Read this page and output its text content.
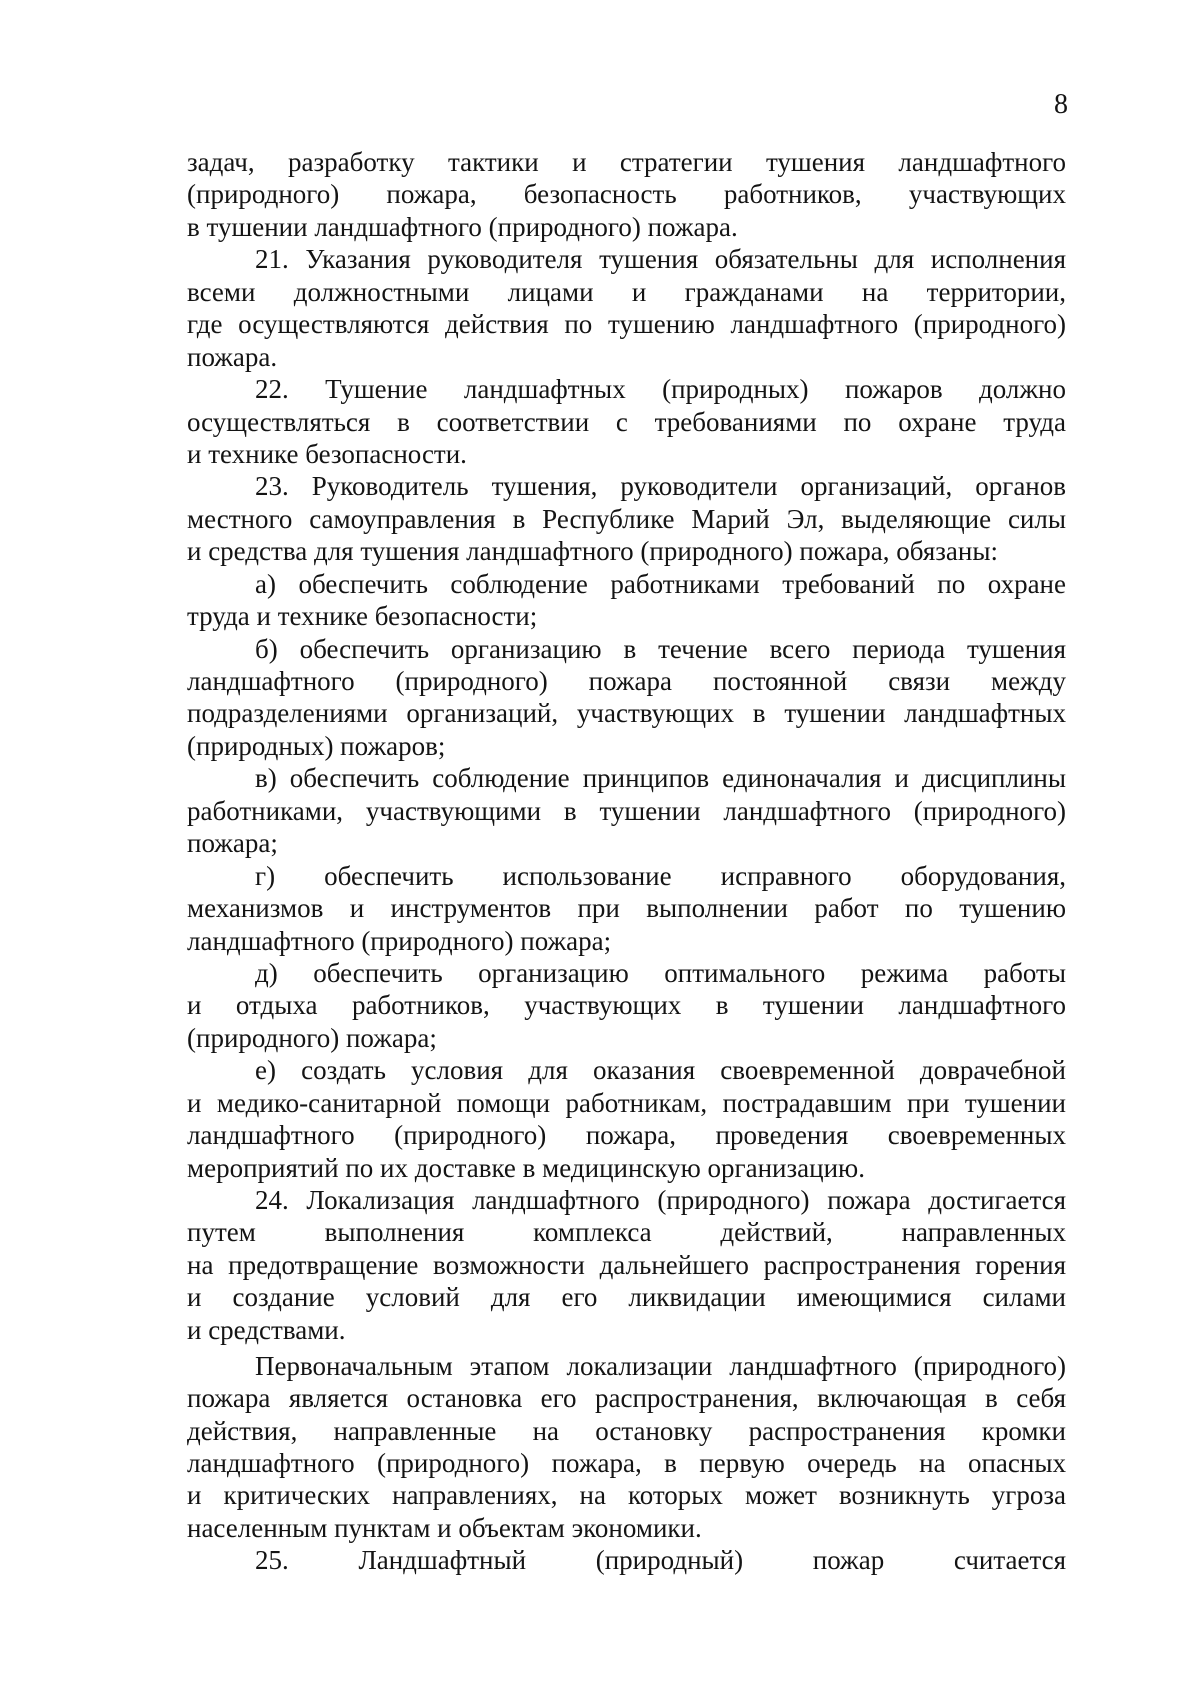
8
задач, разработку тактики и стратегии тушения ландшафтного
(природного) пожара, безопасность работников, участвующих
в тушении ландшафтного (природного) пожара.
21. Указания руководителя тушения обязательны для исполнения
всеми должностными лицами и гражданами на территории,
где осуществляются действия по тушению ландшафтного (природного)
пожара.
22. Тушение ландшафтных (природных) пожаров должно
осуществляться в соответствии с требованиями по охране труда
и технике безопасности.
23. Руководитель тушения, руководители организаций, органов
местного самоуправления в Республике Марий Эл, выделяющие силы
и средства для тушения ландшафтного (природного) пожара, обязаны:
а) обеспечить соблюдение работниками требований по охране
труда и технике безопасности;
б) обеспечить организацию в течение всего периода тушения
ландшафтного (природного) пожара постоянной связи между
подразделениями организаций, участвующих в тушении ландшафтных
(природных) пожаров;
в) обеспечить соблюдение принципов единоначалия и дисциплины
работниками, участвующими в тушении ландшафтного (природного)
пожара;
г) обеспечить использование исправного оборудования,
механизмов и инструментов при выполнении работ по тушению
ландшафтного (природного) пожара;
д) обеспечить организацию оптимального режима работы
и отдыха работников, участвующих в тушении ландшафтного
(природного) пожара;
е) создать условия для оказания своевременной доврачебной
и медико-санитарной помощи работникам, пострадавшим при тушении
ландшафтного (природного) пожара, проведения своевременных
мероприятий по их доставке в медицинскую организацию.
24. Локализация ландшафтного (природного) пожара достигается
путем выполнения комплекса действий, направленных
на предотвращение возможности дальнейшего распространения горения
и создание условий для его ликвидации имеющимися силами
и средствами.
Первоначальным этапом локализации ландшафтного (природного)
пожара является остановка его распространения, включающая в себя
действия, направленные на остановку распространения кромки
ландшафтного (природного) пожара, в первую очередь на опасных
и критических направлениях, на которых может возникнуть угроза
населенным пунктам и объектам экономики.
25. Ландшафтный (природный) пожар считается
